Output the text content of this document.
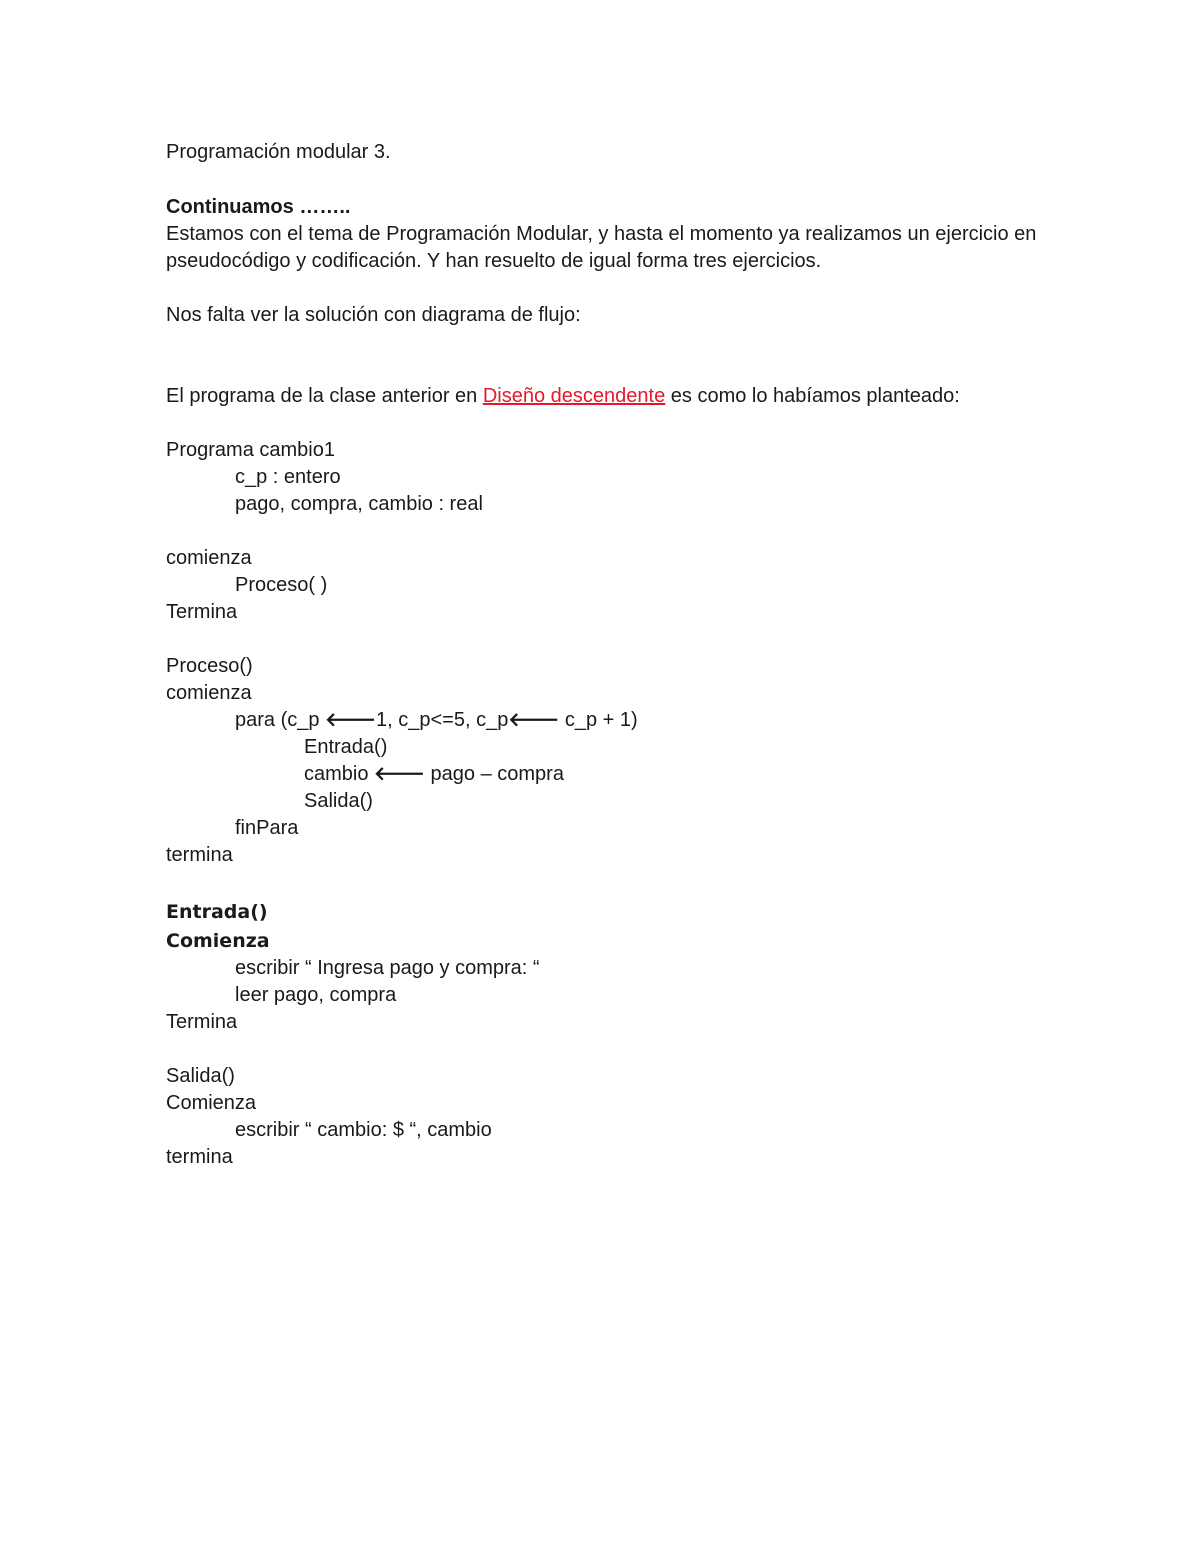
Programación modular 3.
Continuamos ……..
Estamos con el tema de Programación Modular, y hasta el momento ya realizamos un ejercicio en
pseudocódigo y codificación. Y han resuelto de igual forma tres ejercicios.
Nos falta ver la solución con diagrama de flujo:
El programa de la clase anterior en Diseño descendente es como lo habíamos planteado:
Programa cambio1
c_p : entero
pago, compra, cambio : real
comienza
Proceso( )
Termina
Proceso()
comienza
para (c_p 🡐1, c_p<=5, c_p🡐 c_p + 1)
Entrada()
cambio 🡐 pago – compra
Salida()
finPara
termina
Entrada()
Comienza
escribir “ Ingresa pago y compra: “
leer pago, compra
Termina
Salida()
Comienza
escribir “ cambio: $ “, cambio
termina
